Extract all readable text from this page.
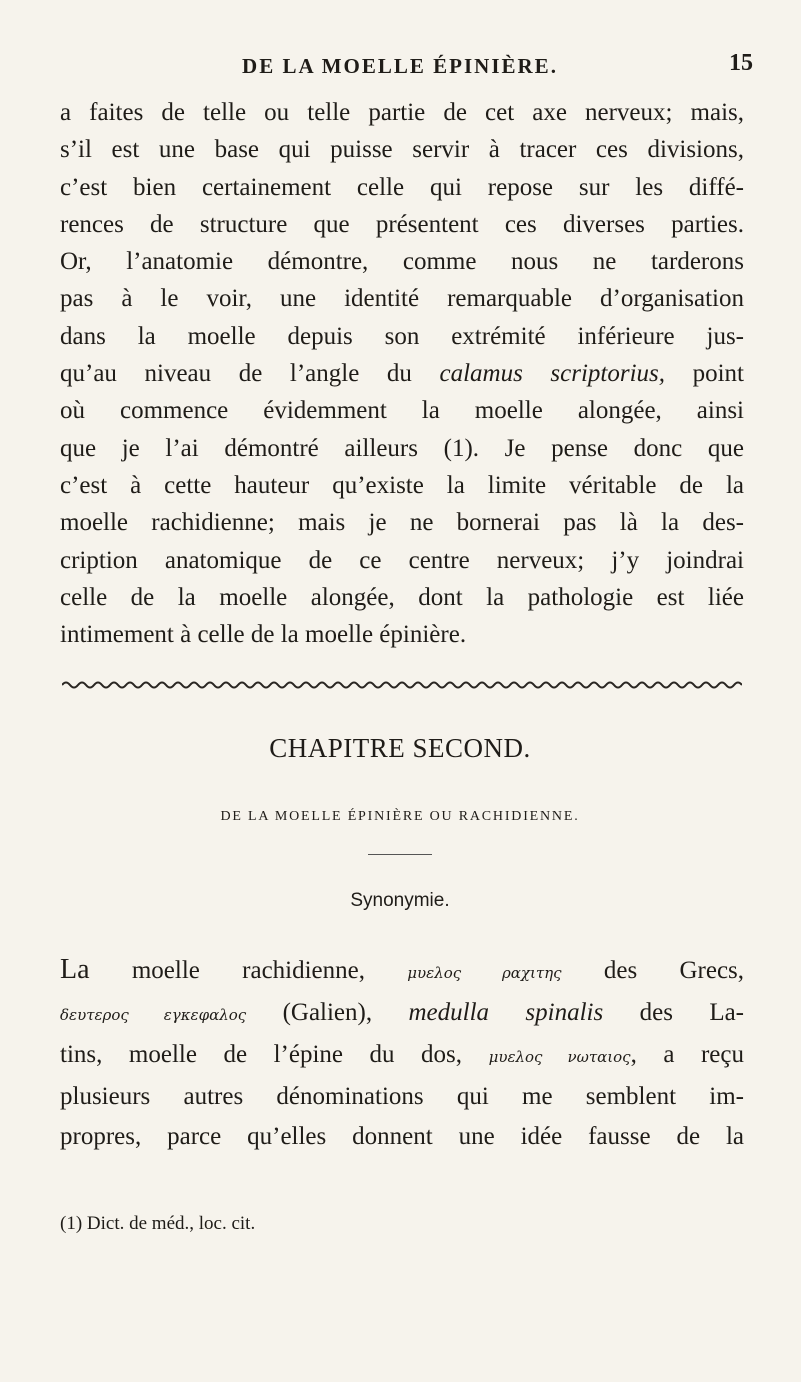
DE LA MOELLE ÉPINIÈRE.	15
a faites de telle ou telle partie de cet axe nerveux; mais,
s’il est une base qui puisse servir à tracer ces divisions,
c’est bien certainement celle qui repose sur les diffé-
rences de structure que présentent ces diverses parties.
Or, l’anatomie démontre, comme nous ne tarderons
pas à le voir, une identité remarquable d’organisation
dans la moelle depuis son extrémité inférieure jus-
qu’au niveau de l’angle du calamus scriptorius, point
où commence évidemment la moelle alongée, ainsi
que je l’ai démontré ailleurs (1). Je pense donc que
c’est à cette hauteur qu’existe la limite véritable de la
moelle rachidienne; mais je ne bornerai pas là la des-
cription anatomique de ce centre nerveux; j’y joindrai
celle de la moelle alongée, dont la pathologie est liée
intimement à celle de la moelle épinière.
CHAPITRE SECOND.
DE LA MOELLE ÉPINIÈRE OU RACHIDIENNE.
Synonymie.
La moelle rachidienne,	μυελος ραχιτης des Grecs,
δευτερος εγκεφαλος (Galien), medulla spinalis des La-
tins, moelle de l’épine du dos, μυελος νωταιος, a reçu
plusieurs autres dénominations qui me semblent im-
propres, parce qu’elles donnent une idée fausse de la
(1) Dict. de méd., loc. cit.
